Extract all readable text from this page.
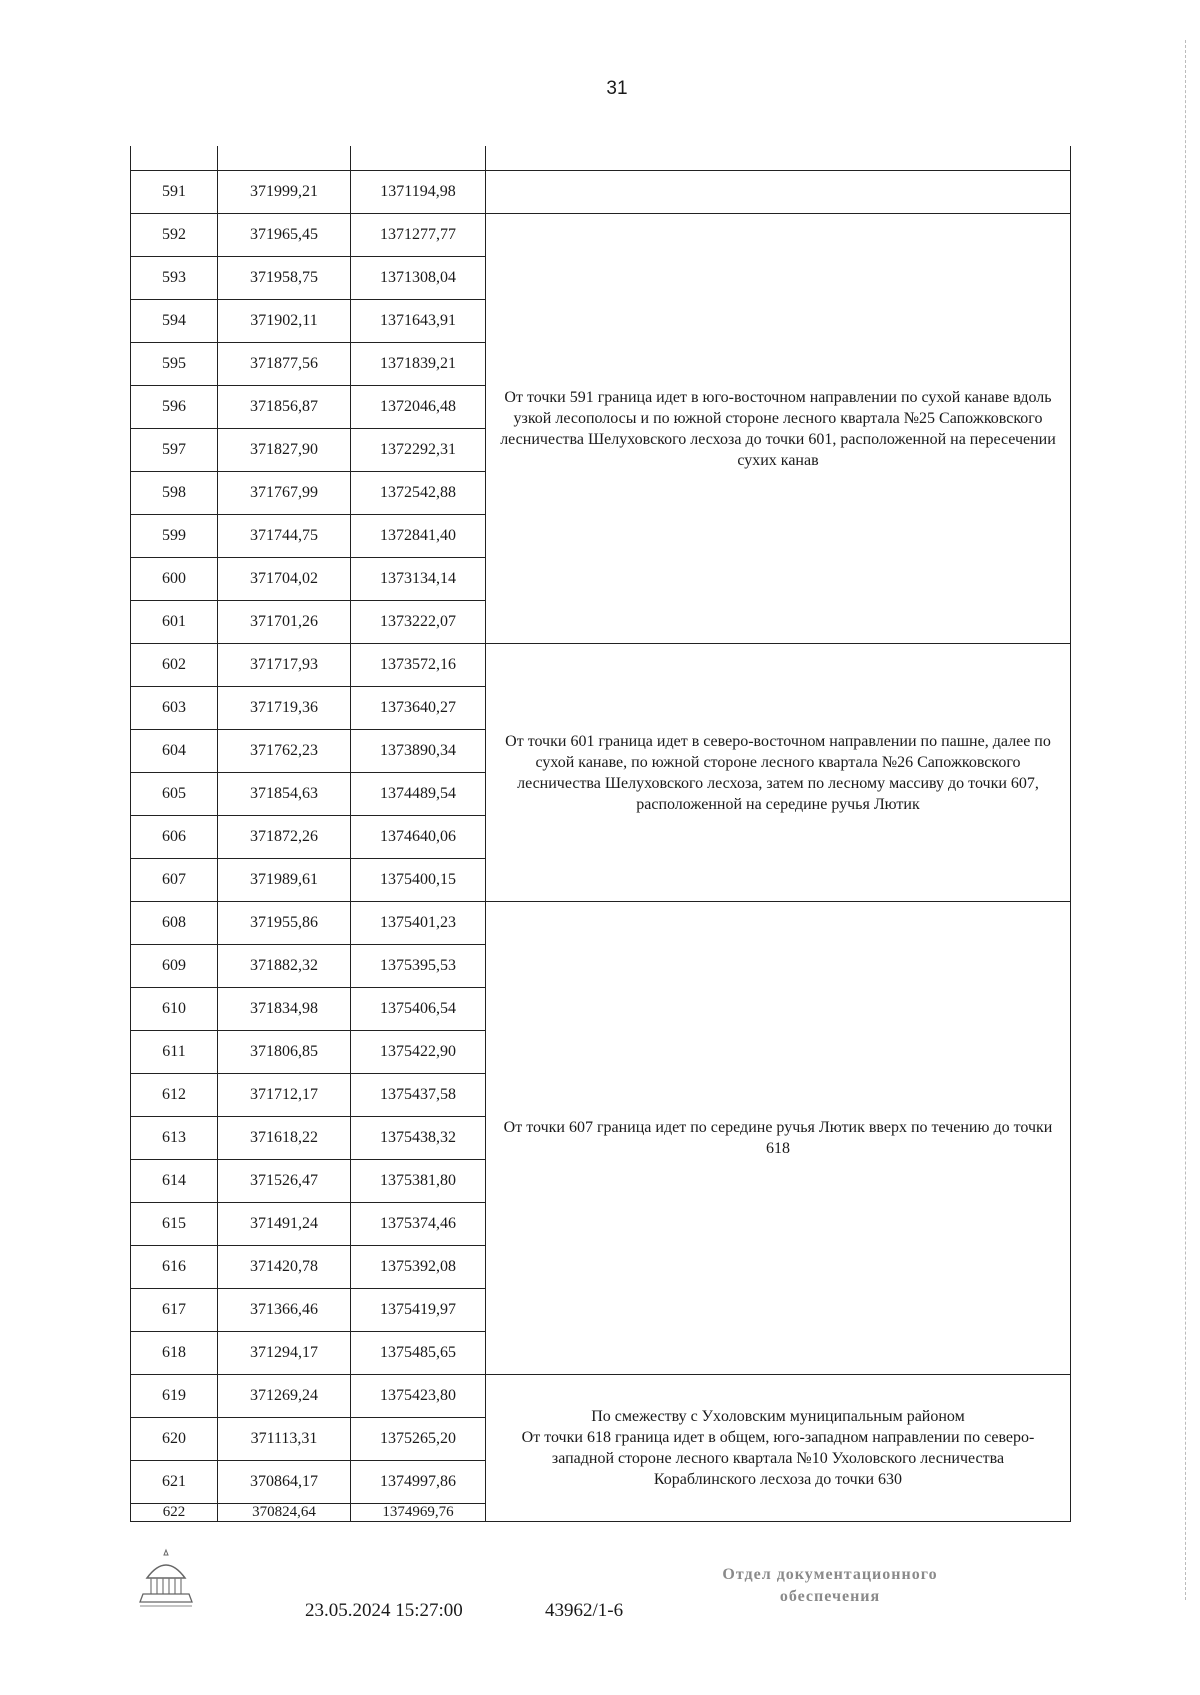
31

591	371999,21	1371194,98	
592	371965,45	1371277,77	От точки 591 граница идет в юго-восточном направлении по сухой канаве вдоль узкой лесополосы и по южной стороне лесного квартала №25 Сапожковского лесничества Шелуховского лесхоза до точки 601, расположенной на пересечении сухих канав

593	371958,75	1371308,04	
594	371902,11	1371643,91	
595	371877,56	1371839,21	
596	371856,87	1372046,48	
597	371827,90	1372292,31	
598	371767,99	1372542,88	
599	371744,75	1372841,40	
600	371704,02	1373134,14	
601	371701,26	1373222,07	
602	371717,93	1373572,16	От точки 601 граница идет в северо-восточном направлении по пашне, далее по сухой канаве, по южной стороне лесного квартала №26 Сапожковского лесничества Шелуховского лесхоза, затем по лесному массиву до точки 607, расположенной на середине ручья Лютик

603	371719,36	1373640,27	
604	371762,23	1373890,34	
605	371854,63	1374489,54	
606	371872,26	1374640,06	
607	371989,61	1375400,15	
608	371955,86	1375401,23	От точки 607 граница идет по середине ручья Лютик вверх по течению до точки 618

609	371882,32	1375395,53	
610	371834,98	1375406,54	
611	371806,85	1375422,90	
612	371712,17	1375437,58	
613	371618,22	1375438,32	
614	371526,47	1375381,80	
615	371491,24	1375374,46	
616	371420,78	1375392,08	
617	371366,46	1375419,97	
618	371294,17	1375485,65	
619	371269,24	1375423,80	По смежеству с Уxоловским муниципальным районом
От точки 618 граница идет в общем, юго-западном направлении по северо-западной стороне лесного квартала №10 Ухоловского лесничества Кораблинского лесхоза до точки 630

620	371113,31	1375265,20	
621	370864,17	1374997,86	
622	370824,64	1374969,76	
23.05.2024 15:27:00	43962/1-6
Отдел документационного
обеспечения
